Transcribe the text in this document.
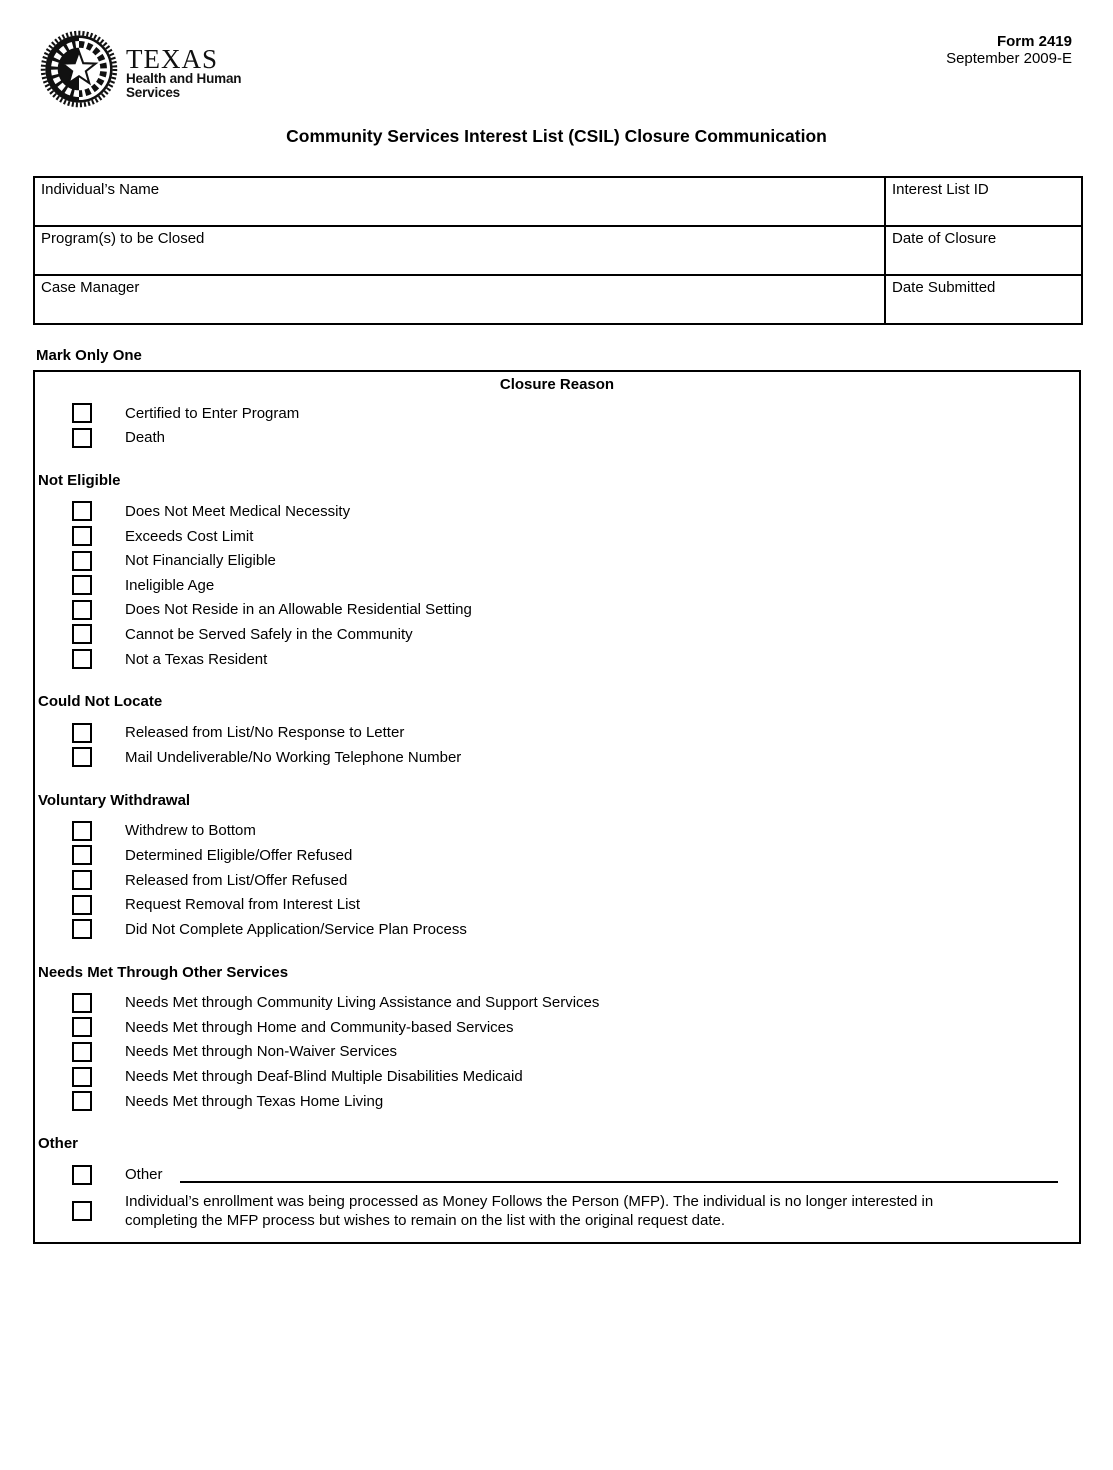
TEXAS
Health and Human
Services
Form 2419
September 2009-E
Community Services Interest List (CSIL) Closure Communication
Individual’s Name	Interest List ID
Program(s) to be Closed	Date of Closure
Case Manager	Date Submitted
Mark Only One
Closure Reason
Certified to Enter Program
Death
Not Eligible
Does Not Meet Medical Necessity
Exceeds Cost Limit
Not Financially Eligible
Ineligible Age
Does Not Reside in an Allowable Residential Setting
Cannot be Served Safely in the Community
Not a Texas Resident
Could Not Locate
Released from List/No Response to Letter
Mail Undeliverable/No Working Telephone Number
Voluntary Withdrawal
Withdrew to Bottom
Determined Eligible/Offer Refused
Released from List/Offer Refused
Request Removal from Interest List
Did Not Complete Application/Service Plan Process
Needs Met Through Other Services
Needs Met through Community Living Assistance and Support Services
Needs Met through Home and Community-based Services
Needs Met through Non-Waiver Services
Needs Met through Deaf-Blind Multiple Disabilities Medicaid
Needs Met through Texas Home Living
Other
Other
Individual’s enrollment was being processed as Money Follows the Person (MFP). The individual is no longer interested in completing the MFP process but wishes to remain on the list with the original request date.
